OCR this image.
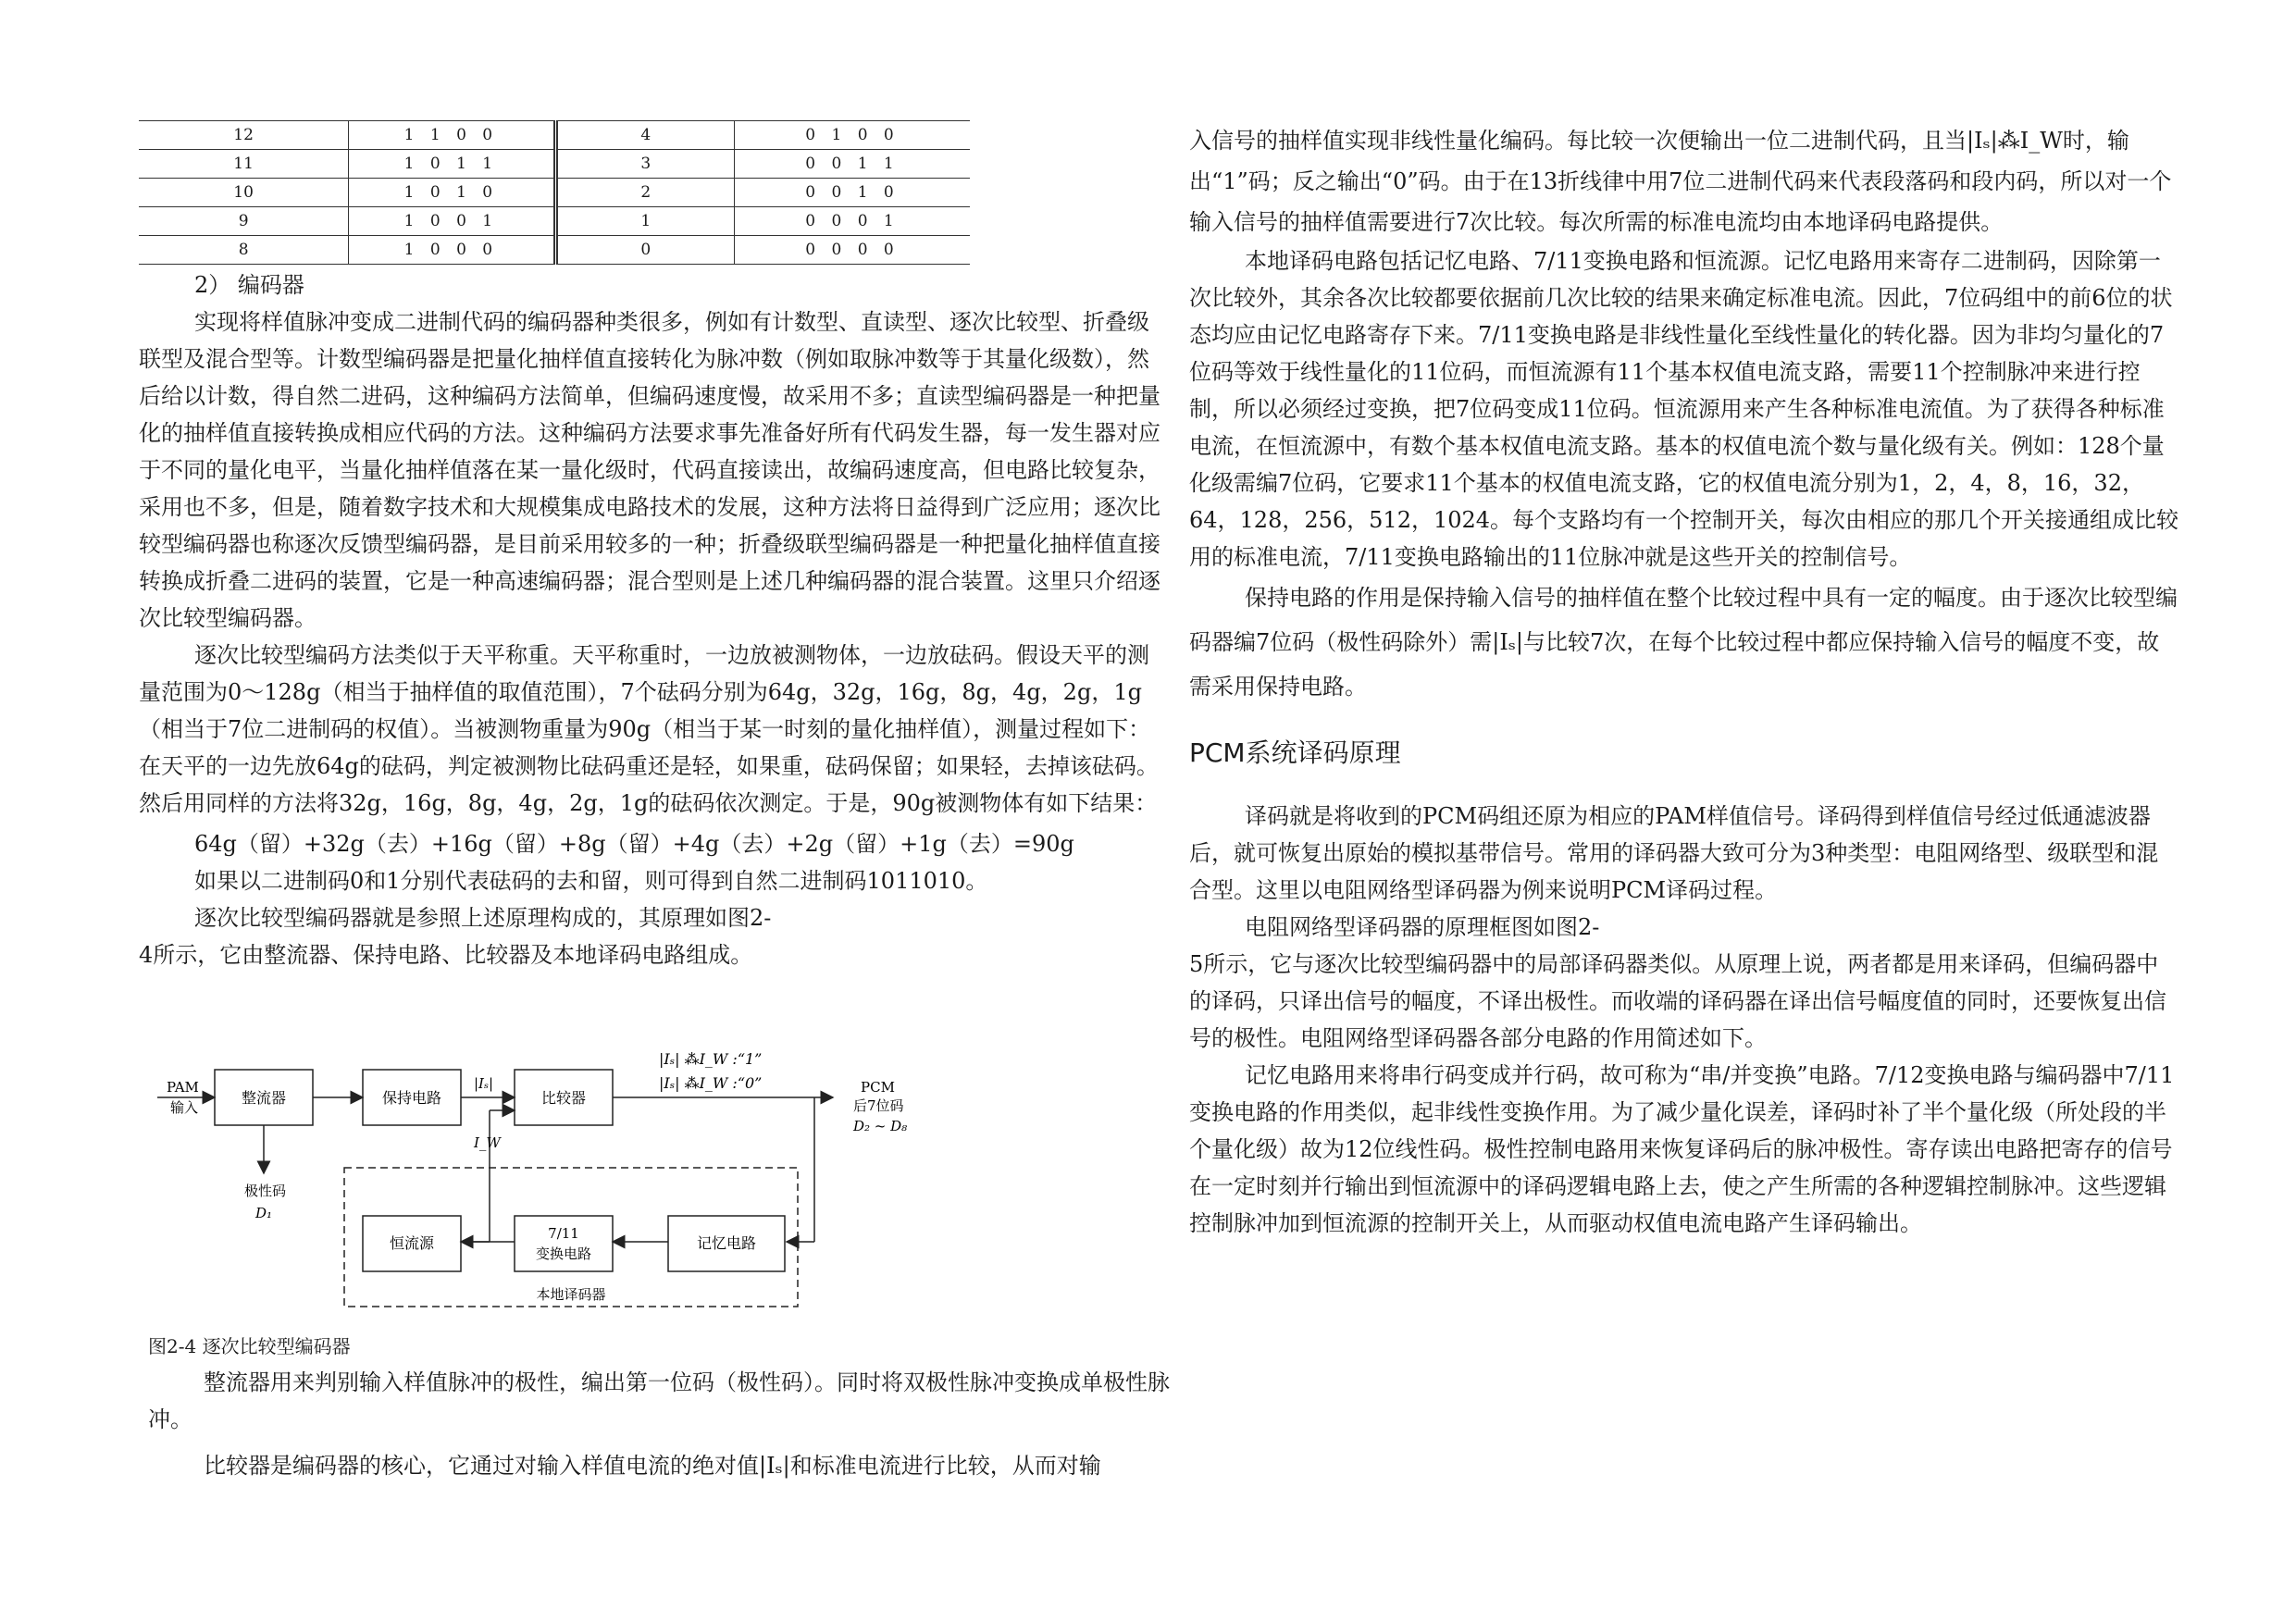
12	1 1 0 0	4	0 1 0 0
11	1 0 1 1	3	0 0 1 1
10	1 0 1 0	2	0 0 1 0
9	1 0 0 1	1	0 0 0 1
8	1 0 0 0	0	0 0 0 0

2） 编码器

实现将样值脉冲变成二进制代码的编码器种类很多，例如有计数型、直读型、逐次比较型、折叠级联型及混合型等。计数型编码器是把量化抽样值直接转化为脉冲数（例如取脉冲数等于其量化级数），然后给以计数，得自然二进码，这种编码方法简单，但编码速度慢，故采用不多；直读型编码器是一种把量化的抽样值直接转换成相应代码的方法。这种编码方法要求事先准备好所有代码发生器，每一发生器对应于不同的量化电平，当量化抽样值落在某一量化级时，代码直接读出，故编码速度高，但电路比较复杂，采用也不多，但是，随着数字技术和大规模集成电路技术的发展，这种方法将日益得到广泛应用；逐次比较型编码器也称逐次反馈型编码器，是目前采用较多的一种；折叠级联型编码器是一种把量化抽样值直接转换成折叠二进码的装置，它是一种高速编码器；混合型则是上述几种编码器的混合装置。这里只介绍逐次比较型编码器。

逐次比较型编码方法类似于天平称重。天平称重时，一边放被测物体，一边放砝码。假设天平的测量范围为0～128g（相当于抽样值的取值范围），7个砝码分别为64g，32g，16g，8g，4g，2g，1g（相当于7位二进制码的权值）。当被测物重量为90g（相当于某一时刻的量化抽样值），测量过程如下：在天平的一边先放64g的砝码，判定被测物比砝码重还是轻，如果重，砝码保留；如果轻，去掉该砝码。然后用同样的方法将32g，16g，8g，4g，2g，1g的砝码依次测定。于是，90g被测物体有如下结果：

64g（留）+32g（去）+16g（留）+8g（留）+4g（去）+2g（留）+1g（去）=90g

如果以二进制码0和1分别代表砝码的去和留，则可得到自然二进制码1011010。

逐次比较型编码器就是参照上述原理构成的，其原理如图2-

4所示，它由整流器、保持电路、比较器及本地译码电路组成。

PAM
输入
整流器	保持电路
|Iₛ|
比较器
|Iₛ| ⁂I_W :“1”
|Iₛ| ⁂I_W :“0”	PCM
后7位码
D₂ ~ D₈
I_W
极性码
D₁
本地译码器
恒流源
7/11
变换电路
记忆电路

图2-4 逐次比较型编码器

整流器用来判别输入样值脉冲的极性，编出第一位码（极性码）。同时将双极性脉冲变换成单极性脉冲。

比较器是编码器的核心，它通过对输入样值电流的绝对值|Iₛ|和标准电流进行比较，从而对输

入信号的抽样值实现非线性量化编码。每比较一次便输出一位二进制代码，且当|Iₛ|⁂I_W时，输出“1”码；反之输出“0”码。由于在13折线律中用7位二进制代码来代表段落码和段内码，所以对一个输入信号的抽样值需要进行7次比较。每次所需的标准电流均由本地译码电路提供。

本地译码电路包括记忆电路、7/11变换电路和恒流源。记忆电路用来寄存二进制码，因除第一次比较外，其余各次比较都要依据前几次比较的结果来确定标准电流。因此，7位码组中的前6位的状态均应由记忆电路寄存下来。7/11变换电路是非线性量化至线性量化的转化器。因为非均匀量化的7位码等效于线性量化的11位码，而恒流源有11个基本权值电流支路，需要11个控制脉冲来进行控制，所以必须经过变换，把7位码变成11位码。恒流源用来产生各种标准电流值。为了获得各种标准电流，在恒流源中，有数个基本权值电流支路。基本的权值电流个数与量化级有关。例如：128个量化级需编7位码，它要求11个基本的权值电流支路，它的权值电流分别为1，2，4，8，16，32，64，128，256，512，1024。每个支路均有一个控制开关，每次由相应的那几个开关接通组成比较用的标准电流，7/11变换电路输出的11位脉冲就是这些开关的控制信号。

保持电路的作用是保持输入信号的抽样值在整个比较过程中具有一定的幅度。由于逐次比较型编码器编7位码（极性码除外）需|Iₛ|与比较7次，在每个比较过程中都应保持输入信号的幅度不变，故需采用保持电路。

PCM系统译码原理

译码就是将收到的PCM码组还原为相应的PAM样值信号。译码得到样值信号经过低通滤波器后，就可恢复出原始的模拟基带信号。常用的译码器大致可分为3种类型：电阻网络型、级联型和混合型。这里以电阻网络型译码器为例来说明PCM译码过程。

电阻网络型译码器的原理框图如图2-

5所示，它与逐次比较型编码器中的局部译码器类似。从原理上说，两者都是用来译码，但编码器中的译码，只译出信号的幅度，不译出极性。而收端的译码器在译出信号幅度值的同时，还要恢复出信号的极性。电阻网络型译码器各部分电路的作用简述如下。

记忆电路用来将串行码变成并行码，故可称为“串/并变换”电路。7/12变换电路与编码器中7/11变换电路的作用类似，起非线性变换作用。为了减少量化误差，译码时补了半个量化级（所处段的半个量化级）故为12位线性码。极性控制电路用来恢复译码后的脉冲极性。寄存读出电路把寄存的信号在一定时刻并行输出到恒流源中的译码逻辑电路上去，使之产生所需的各种逻辑控制脉冲。这些逻辑控制脉冲加到恒流源的控制开关上，从而驱动权值电流电路产生译码输出。
